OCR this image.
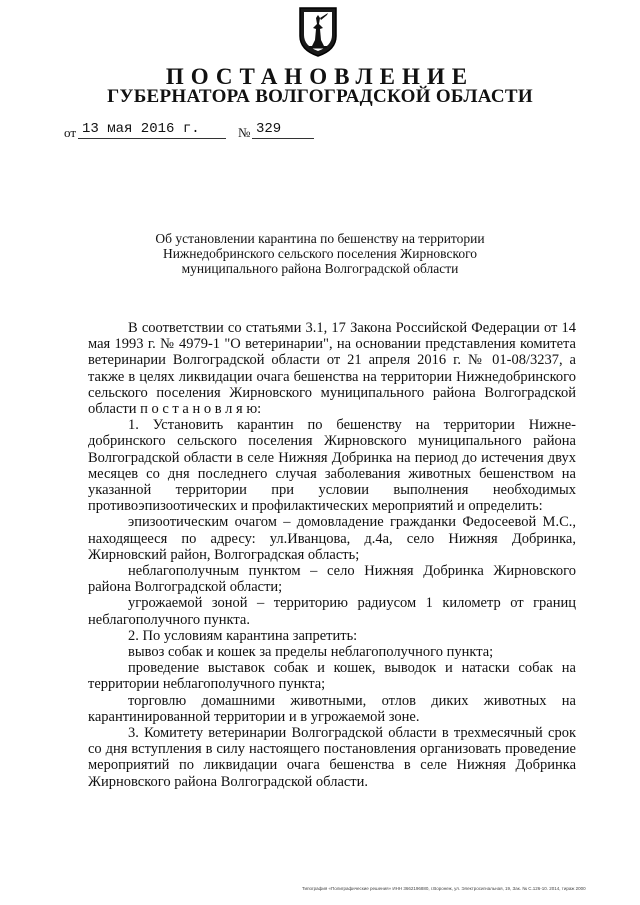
ПОСТАНОВЛЕНИЕ
ГУБЕРНАТОРА ВОЛГОГРАДСКОЙ ОБЛАСТИ
от 13 мая 2016 г.	№ 329
Об установлении карантина по бешенству на территории
Нижнедобринского сельского поселения Жирновского
муниципального района Волгоградской области

В соответствии со статьями 3.1, 17 Закона Российской Федерации от 14 мая 1993 г. № 4979-1 "О ветеринарии", на основании представления комитета ветеринарии Волгоградской области от 21 апреля 2016 г. № 01-08/3237, а также в целях ликвидации очага бешенства на территории Нижнедобринского сельского поселения Жирновского муниципального района Волгоградской области п о с т а н о в л я ю:

1. Установить карантин по бешенству на территории Нижне-добринского сельского поселения Жирновского муниципального района Волгоградской области в селе Нижняя Добринка на период до истечения двух месяцев со дня последнего случая заболевания животных бешенством на указанной территории при условии выполнения необходимых противоэпизоотических и профилактических мероприятий и определить:

эпизоотическим очагом – домовладение гражданки Федосеевой М.С., находящееся по адресу: ул.Иванцова, д.4а, село Нижняя Добринка, Жирновский район, Волгоградская область;

неблагополучным пунктом – село Нижняя Добринка Жирновского района Волгоградской области;

угрожаемой зоной – территорию радиусом 1 километр от границ неблагополучного пункта.

2. По условиям карантина запретить:

вывоз собак и кошек за пределы неблагополучного пункта;

проведение выставок собак и кошек, выводок и натаски собак на территории неблагополучного пункта;

торговлю домашними животными, отлов диких животных на карантинированной территории и в угрожаемой зоне.

3. Комитету ветеринарии Волгоградской области в трехмесячный срок со дня вступления в силу настоящего постановления организовать проведение мероприятий по ликвидации очага бешенства в селе Нижняя Добринка Жирновского района Волгоградской области.

Типография «Полиграфические решения» ИНН 3662196880, г.Воронеж, ул. Электросигнальная, 19, Зак. № С.126-10. 2014, тираж 2000
